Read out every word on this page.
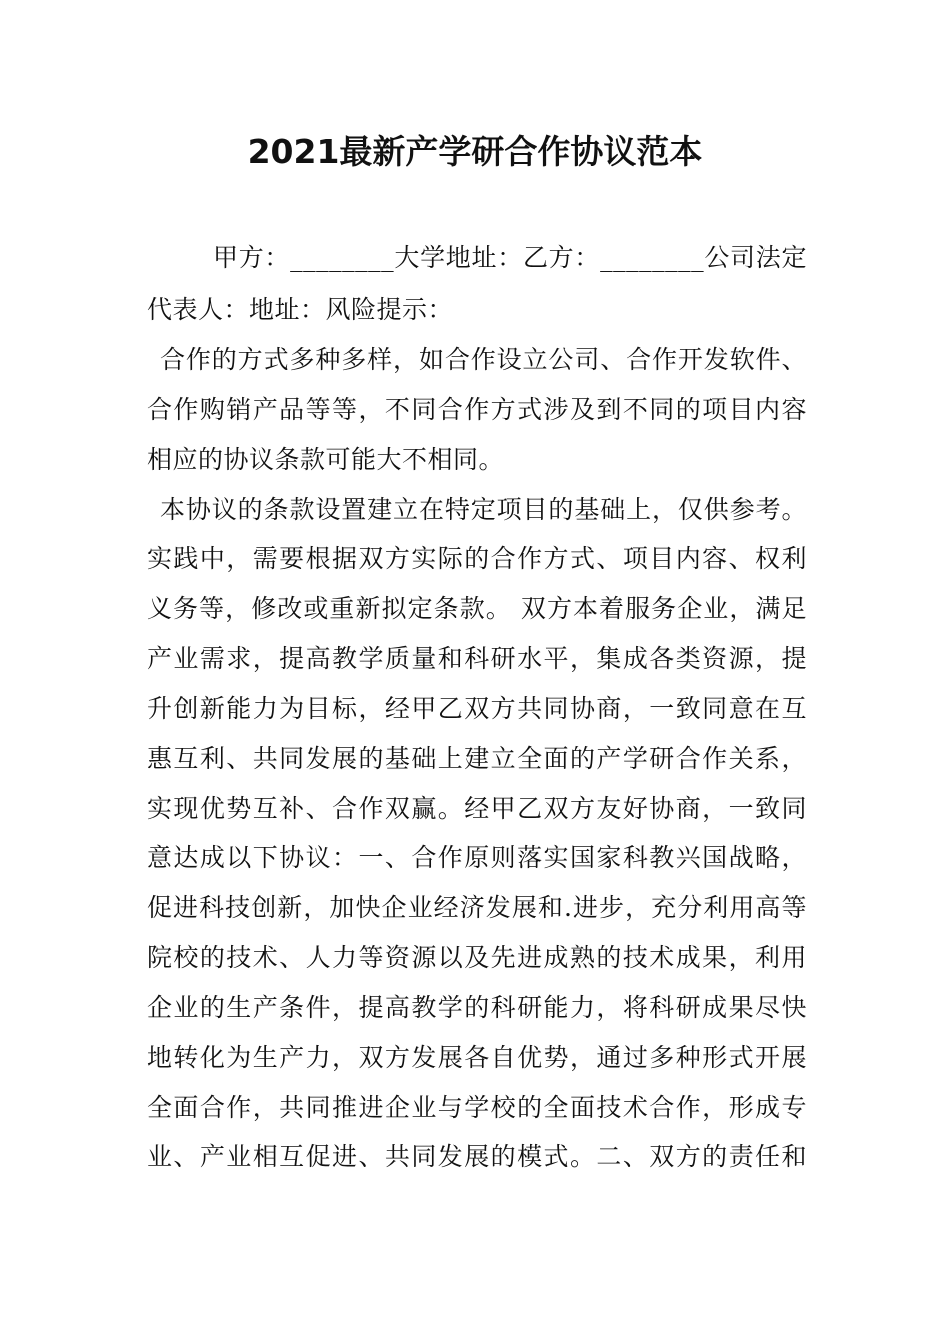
2021最新产学研合作协议范本
甲方：________大学地址：乙方：________公司法定
代表人：地址：风险提示：
合作的方式多种多样，如合作设立公司、合作开发软件、
合作购销产品等等，不同合作方式涉及到不同的项目内容
相应的协议条款可能大不相同。
本协议的条款设置建立在特定项目的基础上，仅供参考。
实践中，需要根据双方实际的合作方式、项目内容、权利
义务等，修改或重新拟定条款。 双方本着服务企业，满足
产业需求，提高教学质量和科研水平，集成各类资源，提
升创新能力为目标，经甲乙双方共同协商，一致同意在互
惠互利、共同发展的基础上建立全面的产学研合作关系，
实现优势互补、合作双赢。经甲乙双方友好协商，一致同
意达成以下协议：一、合作原则落实国家科教兴国战略，
促进科技创新，加快企业经济发展和.进步，充分利用高等
院校的技术、人力等资源以及先进成熟的技术成果，利用
企业的生产条件，提高教学的科研能力，将科研成果尽快
地转化为生产力，双方发展各自优势，通过多种形式开展
全面合作，共同推进企业与学校的全面技术合作，形成专
业、产业相互促进、共同发展的模式。二、双方的责任和
